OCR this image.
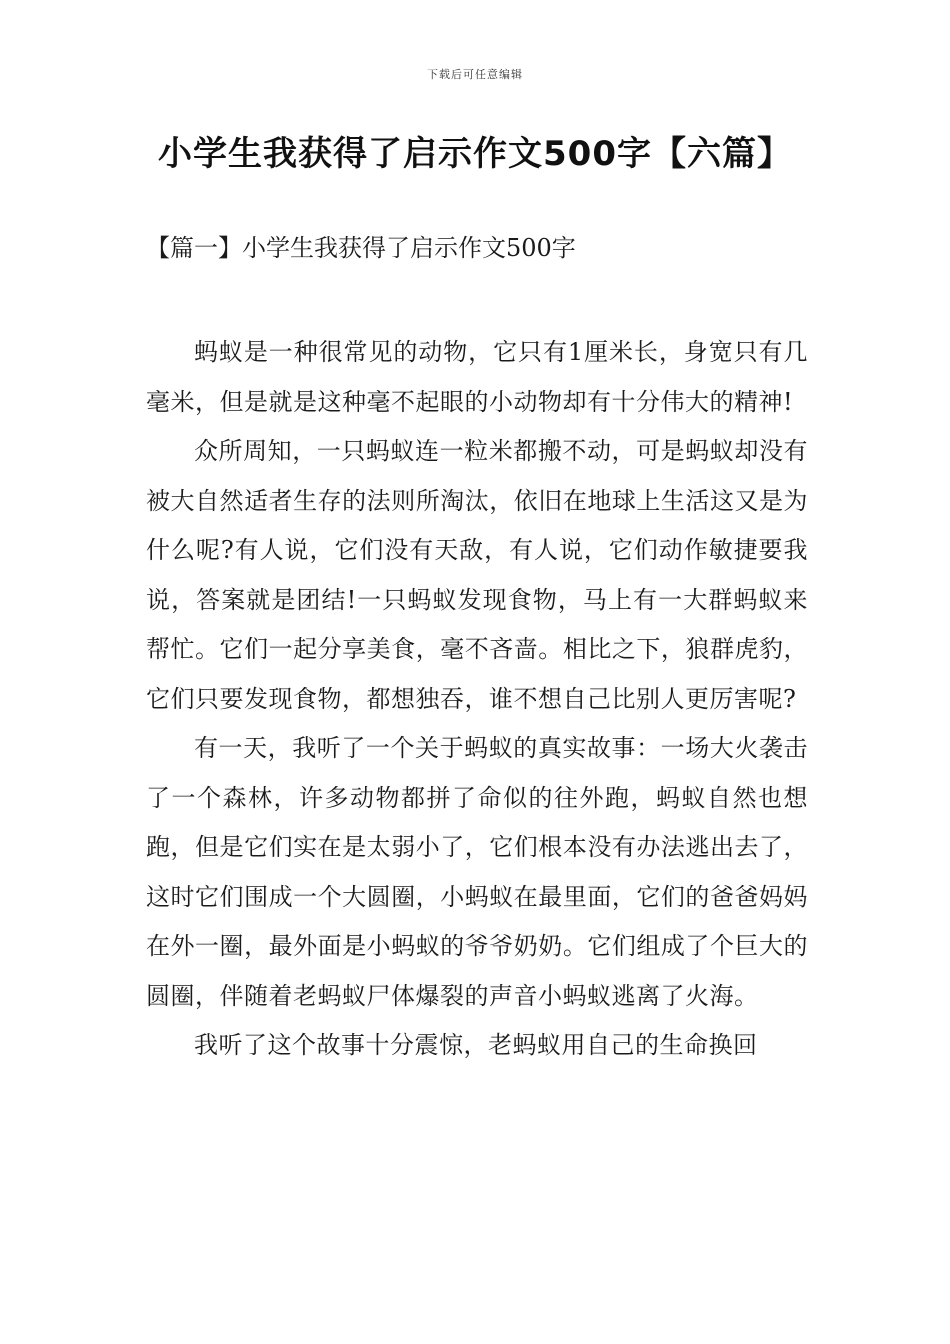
下载后可任意编辑
小学生我获得了启示作文500字【六篇】
【篇一】小学生我获得了启示作文500字

蚂蚁是一种很常见的动物，它只有1厘米长，身宽只有几毫米，但是就是这种毫不起眼的小动物却有十分伟大的精神!

众所周知，一只蚂蚁连一粒米都搬不动，可是蚂蚁却没有被大自然适者生存的法则所淘汰，依旧在地球上生活这又是为什么呢?有人说，它们没有天敌，有人说，它们动作敏捷要我说，答案就是团结!一只蚂蚁发现食物，马上有一大群蚂蚁来帮忙。它们一起分享美食，毫不吝啬。相比之下，狼群虎豹，它们只要发现食物，都想独吞，谁不想自己比别人更厉害呢?

有一天，我听了一个关于蚂蚁的真实故事：一场大火袭击了一个森林，许多动物都拼了命似的往外跑，蚂蚁自然也想跑，但是它们实在是太弱小了，它们根本没有办法逃出去了，这时它们围成一个大圆圈，小蚂蚁在最里面，它们的爸爸妈妈在外一圈，最外面是小蚂蚁的爷爷奶奶。它们组成了个巨大的圆圈，伴随着老蚂蚁尸体爆裂的声音小蚂蚁逃离了火海。

我听了这个故事十分震惊，老蚂蚁用自己的生命换回
